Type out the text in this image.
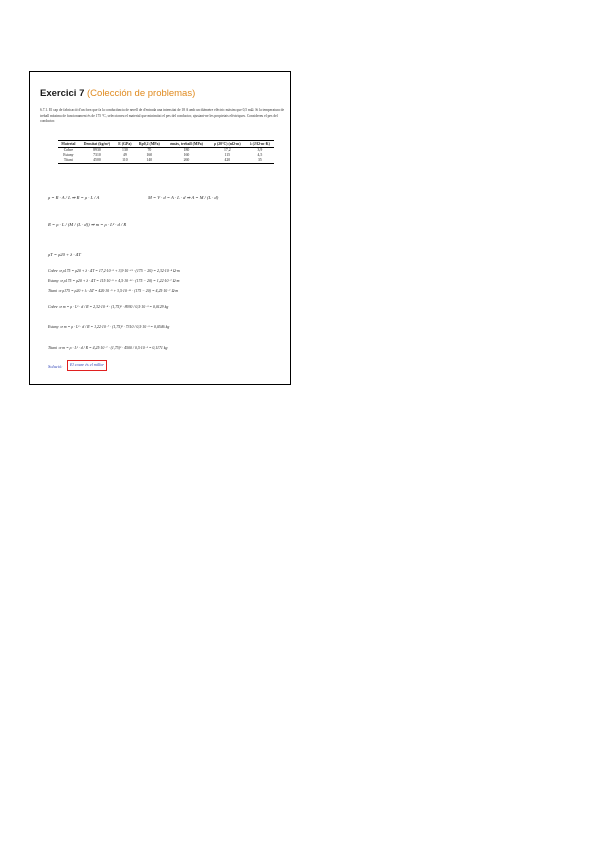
Exercici 7 (Colección de problemas)
6.7.1. El cap de fabricació d'un forn que fa la conductància de nerell de d'entrada una intensitat de 18 A amb un diàmetre elèctric màxim que 0,5 mΩ. Si la temperatura de treball màxima de funcionament és de 175 °C, seleccioneu el material que minimitzi el pes del conductor, ajustant-ne les propietats elèctriques. Considereu el pes del conductor.
Material	Densitat (kg/m³)	E (GPa)	Rp0,2 (MPa)	σmàx, treball (MPa)	ρ (20°C) (nΩ·m)	λ (J/Ω·m·K)
Cobre	8930	130	70	180	17,2	3,9
Estany	7310	49	160	160	115	4,5
Titani	4500	110	140	260	420	35
ρ = R · A / L ⇒ R = ρ · L / A	M = V · d = A · L · d ⇒ A = M / (L · d)
R = ρ · L / (M / (L · d)) ⇒ m = ρ · L² · d / R
ρT = ρ20 + λ · ΔT
Cobre ⇒ ρ175 = ρ20 + λ · ΔT = 17,2·10⁻⁹ + 3,9·10⁻¹¹ · (175 − 20) = 2,32·10⁻⁸ Ω·m
Estany ⇒ ρ175 = ρ20 + λ · ΔT = 115·10⁻⁹ + 4,5·10⁻¹¹ · (175 − 20) = 1,22·10⁻⁷ Ω·m
Titani ⇒ ρ175 = ρ20 + λ · ΔT = 420·10⁻⁹ + 3,5·10⁻¹¹ · (175 − 20) = 4,25·10⁻⁷ Ω·m
Cobre ⇒ m = ρ · L² · d / R = 2,32·10⁻⁸ · (1,75)² · 8930 / 0,5·10⁻³ = 0,0129 kg
Estany ⇒ m = ρ · L² · d / R = 1,22·10⁻⁷ · (1,75)² · 7310 / 0,5·10⁻³ = 0,0546 kg
Titani ⇒ m = ρ · L² · d / R = 4,25·10⁻⁷ · (1,75)² · 4500 / 0,5·10⁻³ = 0,1171 kg
Solució:	El coure és el millor
